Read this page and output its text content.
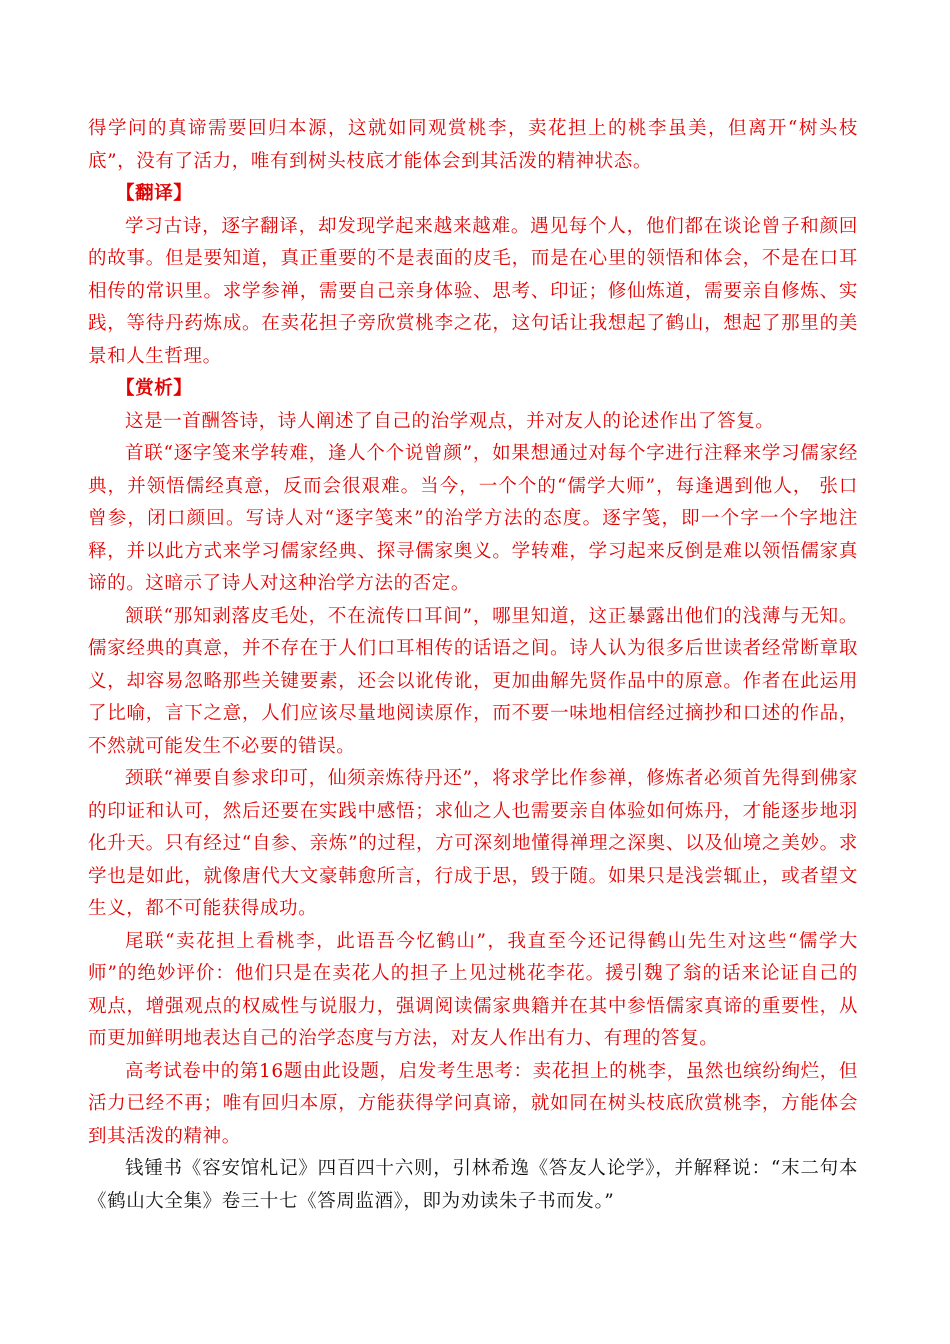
得学问的真谛需要回归本源，这就如同观赏桃李，卖花担上的桃李虽美，但离开“树头枝底”，没有了活力，唯有到树头枝底才能体会到其活泼的精神状态。

【翻译】

学习古诗，逐字翻译，却发现学起来越来越难。遇见每个人，他们都在谈论曾子和颜回的故事。但是要知道，真正重要的不是表面的皮毛，而是在心里的领悟和体会，不是在口耳相传的常识里。求学参禅，需要自己亲身体验、思考、印证；修仙炼道，需要亲自修炼、实践，等待丹药炼成。在卖花担子旁欣赏桃李之花，这句话让我想起了鹤山，想起了那里的美景和人生哲理。

【赏析】

这是一首酬答诗，诗人阐述了自己的治学观点，并对友人的论述作出了答复。

首联“逐字笺来学转难，逢人个个说曾颜”，如果想通过对每个字进行注释来学习儒家经典，并领悟儒经真意，反而会很艰难。当今，一个个的“儒学大师”，每逢遇到他人， 张口曾参，闭口颜回。写诗人对“逐字笺来”的治学方法的态度。逐字笺，即一个字一个字地注释，并以此方式来学习儒家经典、探寻儒家奥义。学转难，学习起来反倒是难以领悟儒家真谛的。这暗示了诗人对这种治学方法的否定。

颔联“那知剥落皮毛处，不在流传口耳间”，哪里知道，这正暴露出他们的浅薄与无知。儒家经典的真意，并不存在于人们口耳相传的话语之间。诗人认为很多后世读者经常断章取义，却容易忽略那些关键要素，还会以讹传讹，更加曲解先贤作品中的原意。作者在此运用了比喻，言下之意，人们应该尽量地阅读原作，而不要一味地相信经过摘抄和口述的作品，不然就可能发生不必要的错误。

颈联“禅要自参求印可，仙须亲炼待丹还”，将求学比作参禅，修炼者必须首先得到佛家的印证和认可，然后还要在实践中感悟；求仙之人也需要亲自体验如何炼丹，才能逐步地羽化升天。只有经过“自参、亲炼”的过程，方可深刻地懂得禅理之深奥、以及仙境之美妙。求学也是如此，就像唐代大文豪韩愈所言，行成于思，毁于随。如果只是浅尝辄止，或者望文生义，都不可能获得成功。

尾联“卖花担上看桃李，此语吾今忆鹤山”，我直至今还记得鹤山先生对这些“儒学大师”的绝妙评价：他们只是在卖花人的担子上见过桃花李花。援引魏了翁的话来论证自己的观点，增强观点的权威性与说服力，强调阅读儒家典籍并在其中参悟儒家真谛的重要性，从而更加鲜明地表达自己的治学态度与方法，对友人作出有力、有理的答复。

高考试卷中的第16题由此设题，启发考生思考：卖花担上的桃李，虽然也缤纷绚烂，但活力已经不再；唯有回归本原，方能获得学问真谛，就如同在树头枝底欣赏桃李，方能体会到其活泼的精神。

钱锺书《容安馆札记》四百四十六则，引林希逸《答友人论学》，并解释说：“末二句本《鹤山大全集》卷三十七《答周监酒》，即为劝读朱子书而发。”
